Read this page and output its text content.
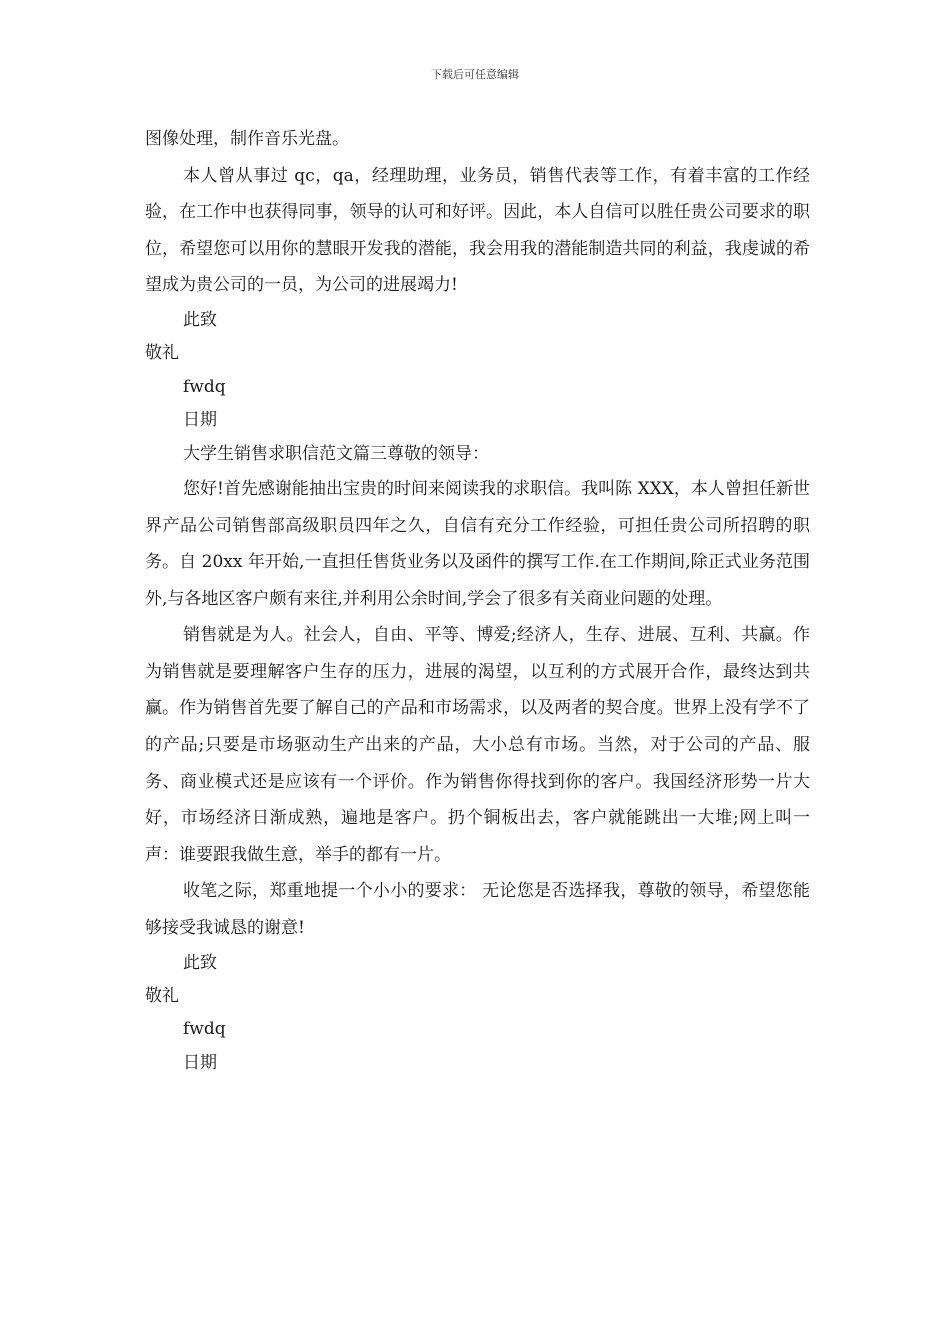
下载后可任意编辑

图像处理，制作音乐光盘。

本人曾从事过 qc，qa，经理助理，业务员，销售代表等工作，有着丰富的工作经验，在工作中也获得同事，领导的认可和好评。因此，本人自信可以胜任贵公司要求的职位，希望您可以用你的慧眼开发我的潜能，我会用我的潜能制造共同的利益，我虔诚的希望成为贵公司的一员，为公司的进展竭力!

此致

敬礼

fwdq

日期

大学生销售求职信范文篇三尊敬的领导：

您好!首先感谢能抽出宝贵的时间来阅读我的求职信。我叫陈 XXX，本人曾担任新世界产品公司销售部高级职员四年之久，自信有充分工作经验，可担任贵公司所招聘的职务。自 20xx 年开始,一直担任售货业务以及函件的撰写工作.在工作期间,除正式业务范围外,与各地区客户颇有来往,并利用公余时间,学会了很多有关商业问题的处理。

销售就是为人。社会人，自由、平等、博爱;经济人，生存、进展、互利、共赢。作为销售就是要理解客户生存的压力，进展的渴望，以互利的方式展开合作，最终达到共赢。作为销售首先要了解自己的产品和市场需求，以及两者的契合度。世界上没有学不了的产品;只要是市场驱动生产出来的产品，大小总有市场。当然，对于公司的产品、服务、商业模式还是应该有一个评价。作为销售你得找到你的客户。我国经济形势一片大好，市场经济日渐成熟，遍地是客户。扔个铜板出去，客户就能跳出一大堆;网上叫一声：谁要跟我做生意，举手的都有一片。

收笔之际，郑重地提一个小小的要求： 无论您是否选择我，尊敬的领导，希望您能够接受我诚恳的谢意!

此致

敬礼

fwdq

日期
